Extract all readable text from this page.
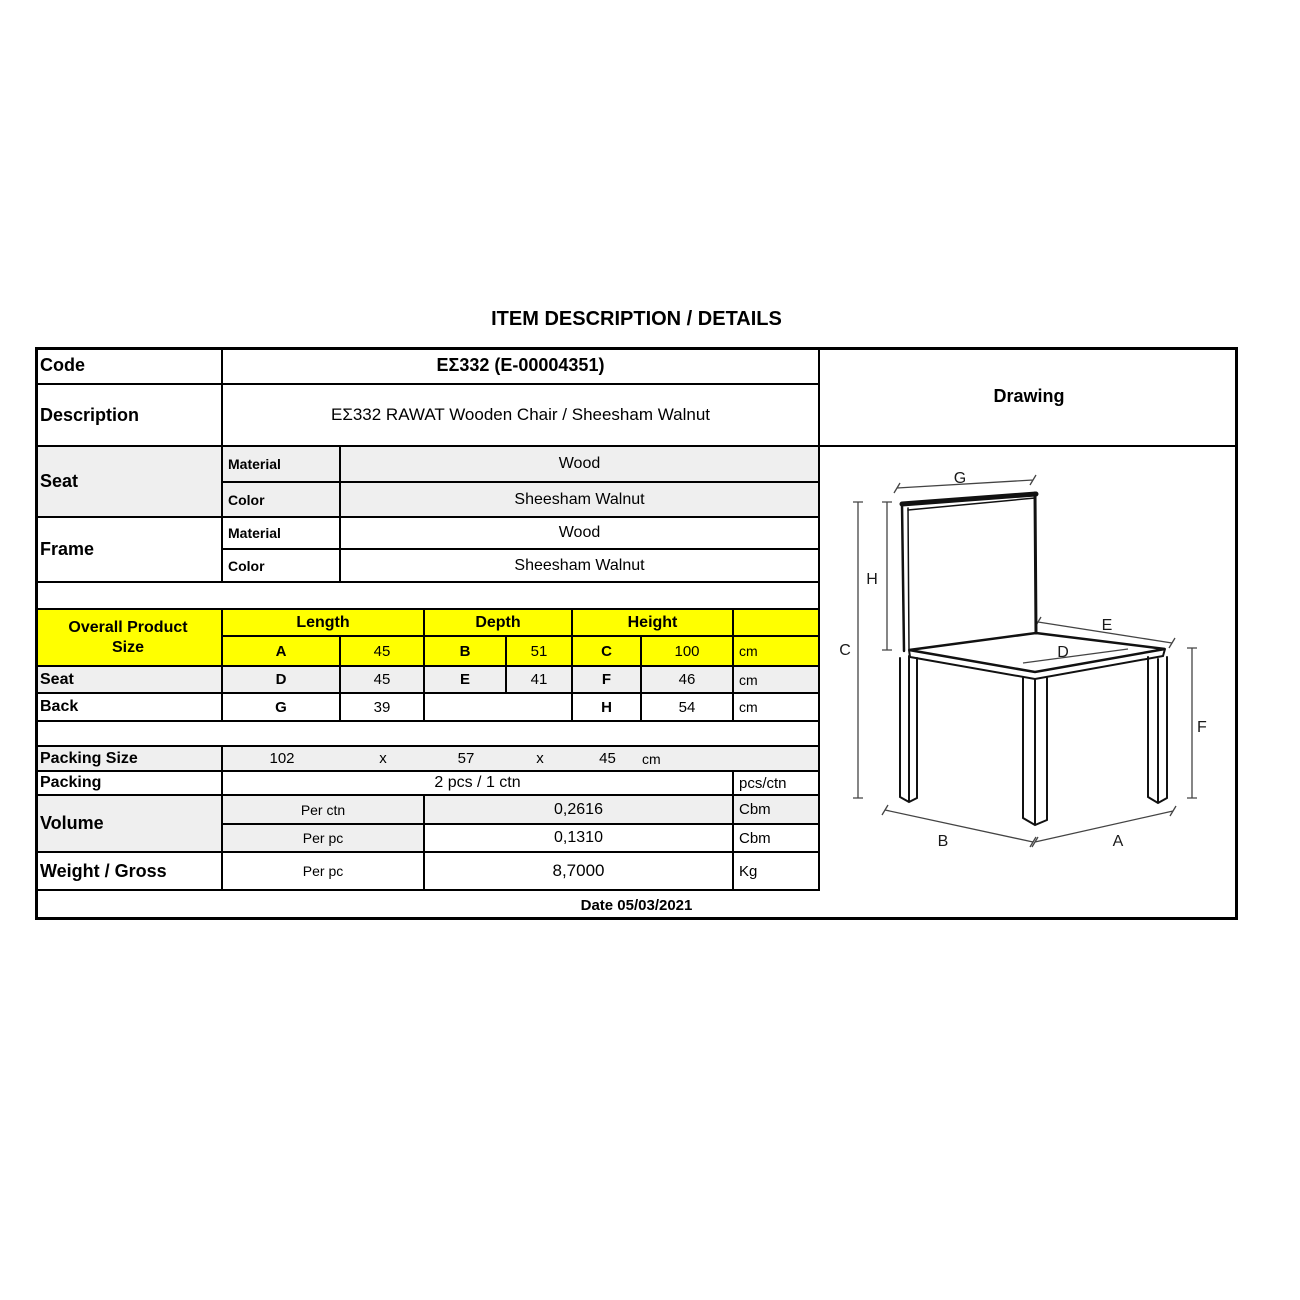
ITEM DESCRIPTION / DETAILS
Code	ΕΣ332 (E-00004351)
Description	ΕΣ332 RAWAT Wooden Chair / Sheesham Walnut
Seat
Material	Wood
Color	Sheesham Walnut
Frame
Material	Wood
Color	Sheesham Walnut
Overall Product
Size
Length	Depth	Height
A	45	B	51	C	100	cm
Seat	D	45	E	41	F	46	cm
Back	G	39	H	54	cm
Packing Size	102	x	57	x	45	cm
Packing	2 pcs / 1 ctn	pcs/ctn
Volume
Per ctn	0,2616	Cbm
Per pc	0,1310	Cbm
Weight / Gross	Per pc	8,7000	Kg
Date 05/03/2021
Drawing
G
H
C
E
D
F
B	A
